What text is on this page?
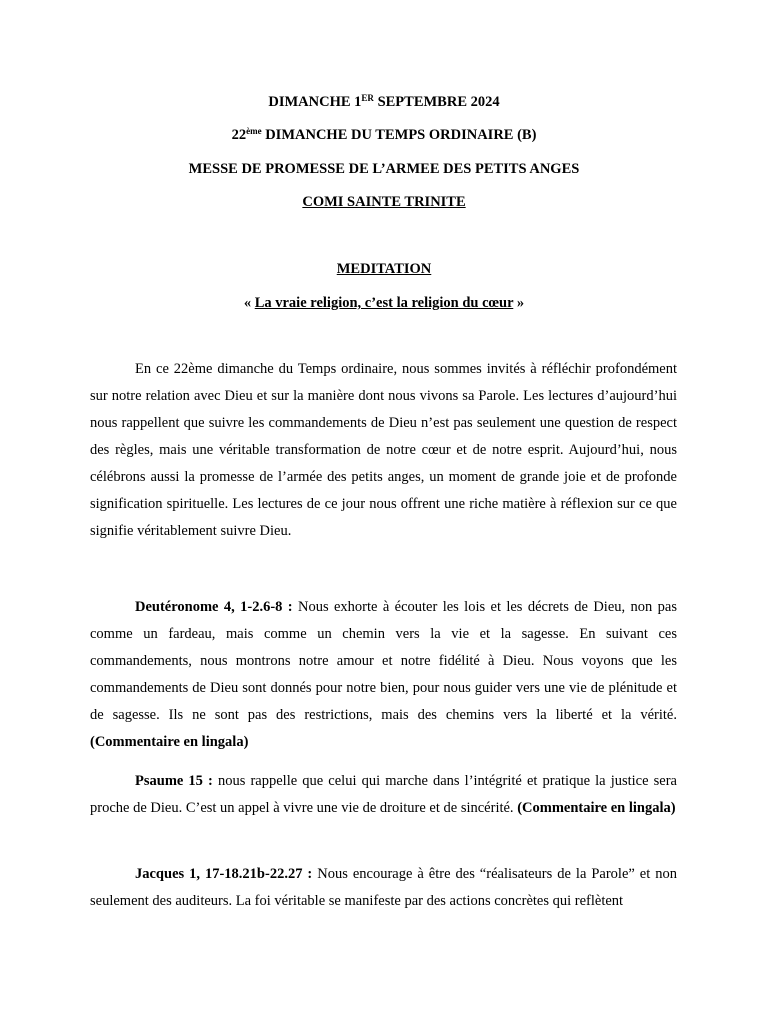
DIMANCHE 1ER SEPTEMBRE 2024
22ème DIMANCHE DU TEMPS ORDINAIRE (B)
MESSE DE PROMESSE DE L’ARMEE DES PETITS ANGES
COMI SAINTE TRINITE
MEDITATION
« La vraie religion, c’est la religion du cœur »

En ce 22ème dimanche du Temps ordinaire, nous sommes invités à réfléchir profondément sur notre relation avec Dieu et sur la manière dont nous vivons sa Parole. Les lectures d’aujourd’hui nous rappellent que suivre les commandements de Dieu n’est pas seulement une question de respect des règles, mais une véritable transformation de notre cœur et de notre esprit. Aujourd’hui, nous célébrons aussi la promesse de l’armée des petits anges, un moment de grande joie et de profonde signification spirituelle. Les lectures de ce jour nous offrent une riche matière à réflexion sur ce que signifie véritablement suivre Dieu.

Deutéronome 4, 1-2.6-8 : Nous exhorte à écouter les lois et les décrets de Dieu, non pas comme un fardeau, mais comme un chemin vers la vie et la sagesse. En suivant ces commandements, nous montrons notre amour et notre fidélité à Dieu. Nous voyons que les commandements de Dieu sont donnés pour notre bien, pour nous guider vers une vie de plénitude et de sagesse. Ils ne sont pas des restrictions, mais des chemins vers la liberté et la vérité. (Commentaire en lingala)

Psaume 15 : nous rappelle que celui qui marche dans l’intégrité et pratique la justice sera proche de Dieu. C’est un appel à vivre une vie de droiture et de sincérité. (Commentaire en lingala)

Jacques 1, 17-18.21b-22.27 : Nous encourage à être des “réalisateurs de la Parole” et non seulement des auditeurs. La foi véritable se manifeste par des actions concrètes qui reflètent
